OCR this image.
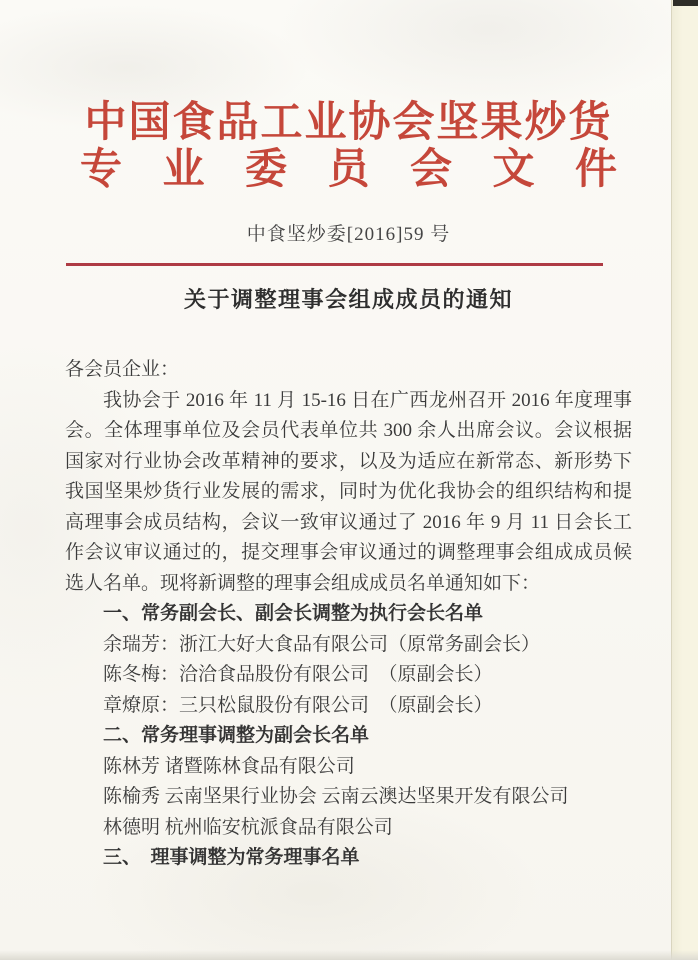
中国食品工业协会坚果炒货
专 业 委 员 会 文 件
中食坚炒委[2016]59 号
关于调整理事会组成成员的通知
各会员企业：

我协会于 2016 年 11 月 15-16 日在广西龙州召开 2016 年度理事会。全体理事单位及会员代表单位共 300 余人出席会议。会议根据国家对行业协会改革精神的要求，以及为适应在新常态、新形势下我国坚果炒货行业发展的需求，同时为优化我协会的组织结构和提高理事会成员结构，会议一致审议通过了 2016 年 9 月 11 日会长工作会议审议通过的，提交理事会审议通过的调整理事会组成成员候选人名单。现将新调整的理事会组成成员名单通知如下：

一、常务副会长、副会长调整为执行会长名单
余瑞芳：浙江大好大食品有限公司（原常务副会长）
陈冬梅：洽洽食品股份有限公司　（原副会长）
章燎原：三只松鼠股份有限公司　（原副会长）
二、常务理事调整为副会长名单
陈林芳 诸暨陈林食品有限公司
陈榆秀 云南坚果行业协会 云南云澳达坚果开发有限公司
林德明 杭州临安杭派食品有限公司
三、　理事调整为常务理事名单
